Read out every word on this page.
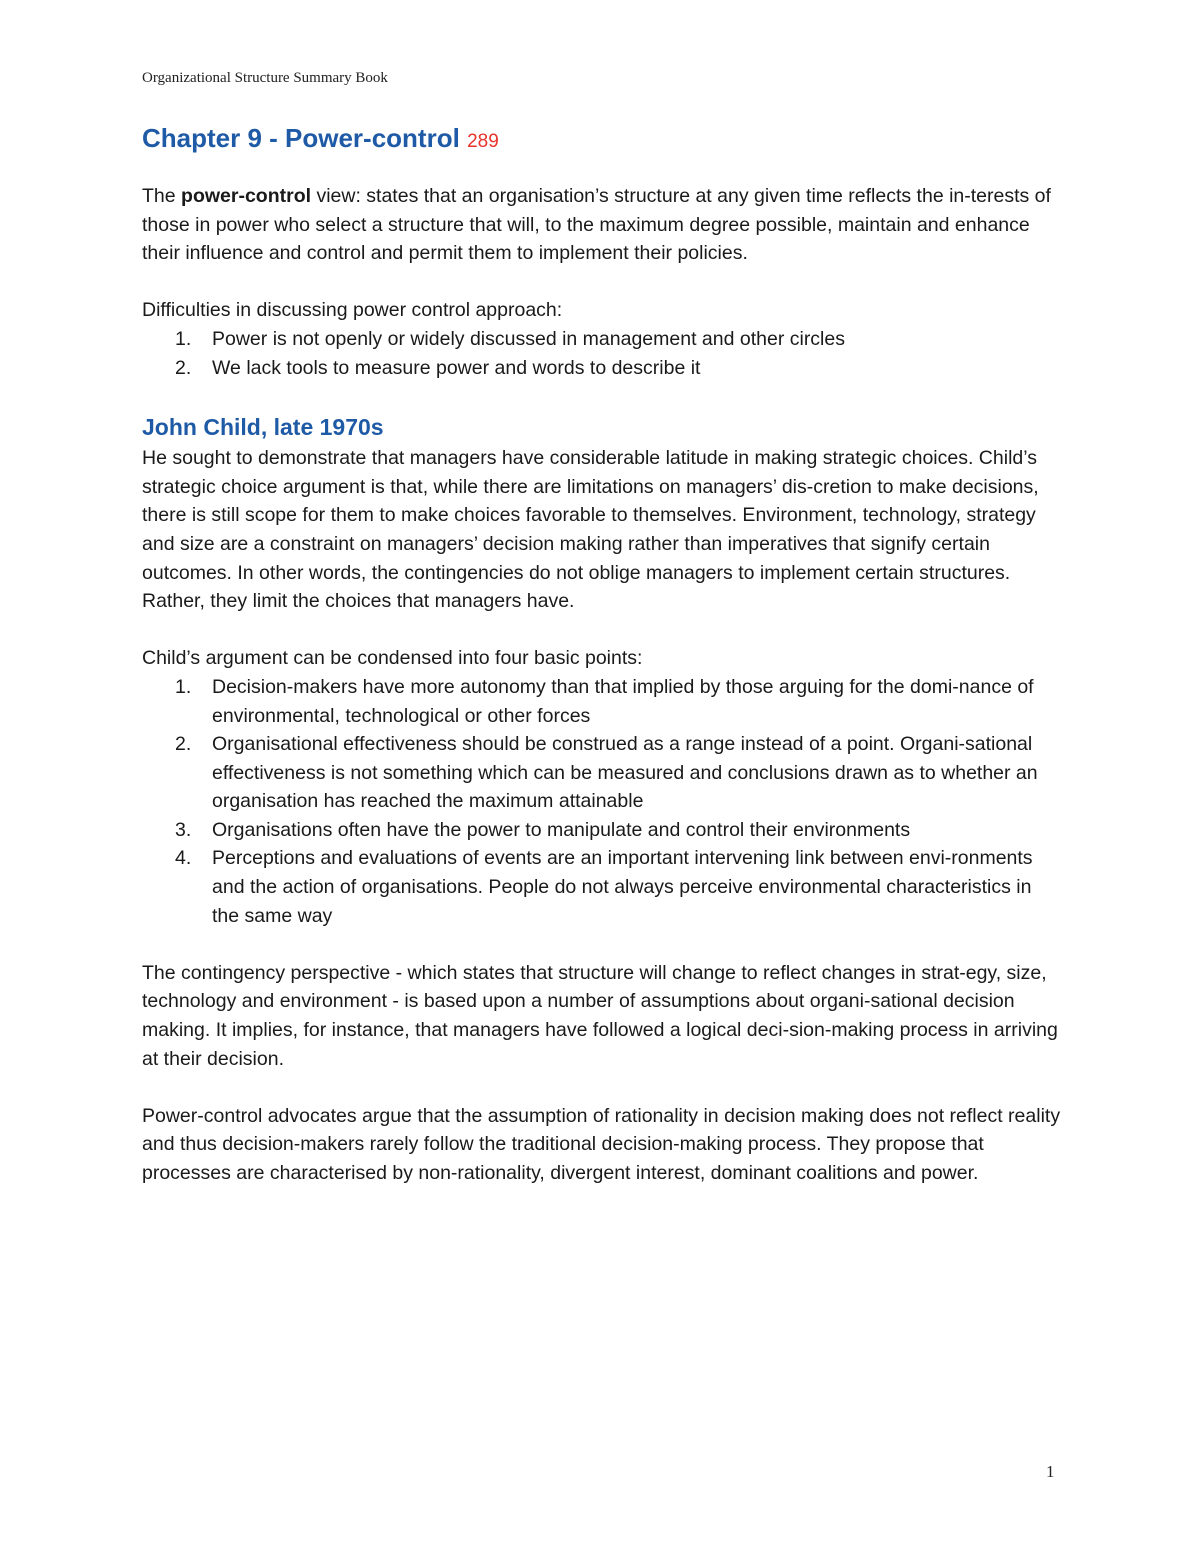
Organizational Structure Summary Book
Chapter 9 - Power-control 289

The power-control view: states that an organisation’s structure at any given time reflects the in-terests of those in power who select a structure that will, to the maximum degree possible, maintain and enhance their influence and control and permit them to implement their policies.

Difficulties in discussing power control approach:

1. Power is not openly or widely discussed in management and other circles
2. We lack tools to measure power and words to describe it
John Child, late 1970s

He sought to demonstrate that managers have considerable latitude in making strategic choices. Child’s strategic choice argument is that, while there are limitations on managers’ dis-cretion to make decisions, there is still scope for them to make choices favorable to themselves. Environment, technology, strategy and size are a constraint on managers’ decision making rather than imperatives that signify certain outcomes. In other words, the contingencies do not oblige managers to implement certain structures. Rather, they limit the choices that managers have.

Child’s argument can be condensed into four basic points:

1. Decision-makers have more autonomy than that implied by those arguing for the domi-nance of environmental, technological or other forces
2. Organisational effectiveness should be construed as a range instead of a point. Organi-sational effectiveness is not something which can be measured and conclusions drawn as to whether an organisation has reached the maximum attainable
3. Organisations often have the power to manipulate and control their environments
4. Perceptions and evaluations of events are an important intervening link between envi-ronments and the action of organisations. People do not always perceive environmental characteristics in the same way

The contingency perspective - which states that structure will change to reflect changes in strat-egy, size, technology and environment - is based upon a number of assumptions about organi-sational decision making. It implies, for instance, that managers have followed a logical deci-sion-making process in arriving at their decision.

Power-control advocates argue that the assumption of rationality in decision making does not reflect reality and thus decision-makers rarely follow the traditional decision-making process. They propose that processes are characterised by non-rationality, divergent interest, dominant coalitions and power.

1
